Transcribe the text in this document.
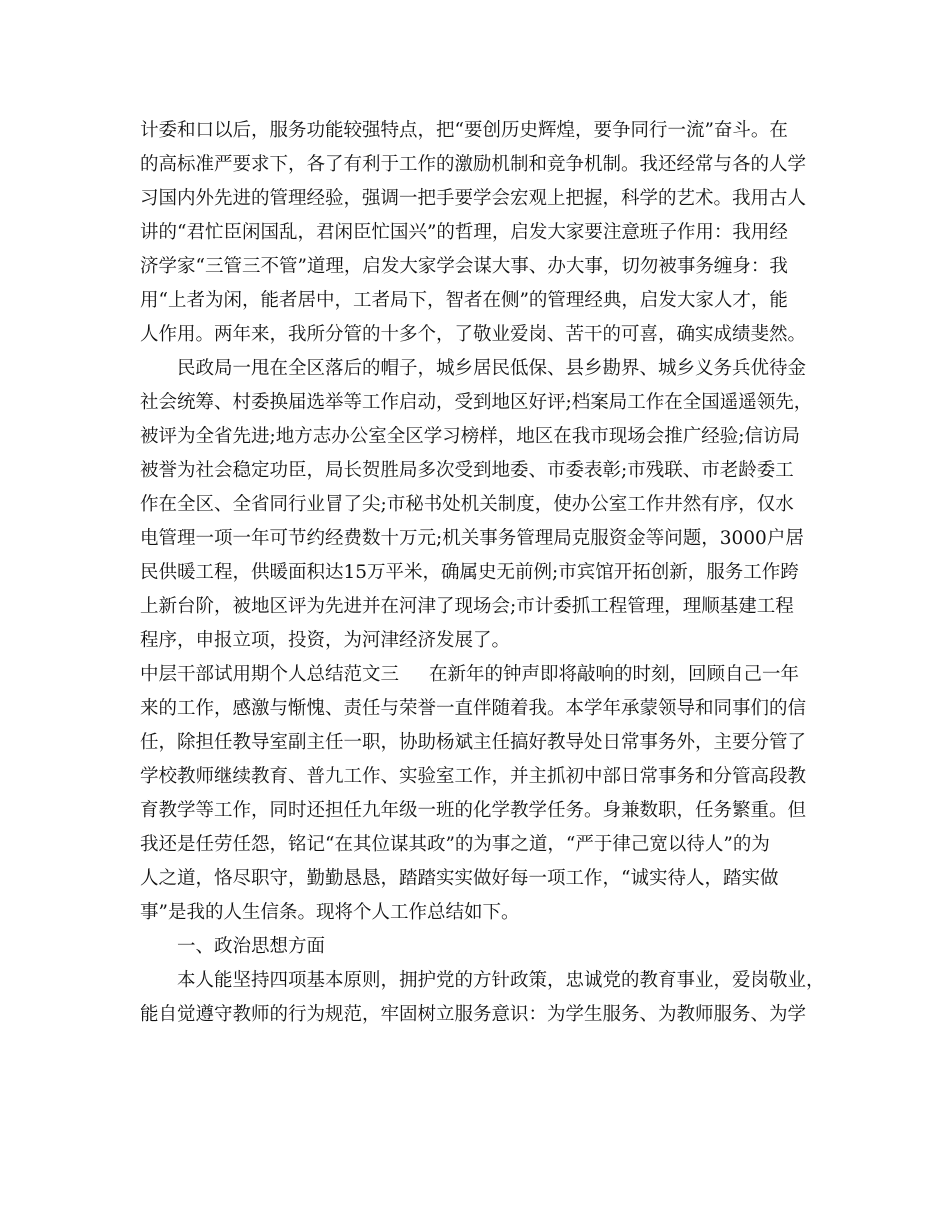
计委和口以后，服务功能较强特点，把“要创历史辉煌，要争同行一流”奋斗。在
的高标准严要求下，各了有利于工作的激励机制和竞争机制。我还经常与各的人学
习国内外先进的管理经验，强调一把手要学会宏观上把握，科学的艺术。我用古人
讲的“君忙臣闲国乱，君闲臣忙国兴”的哲理，启发大家要注意班子作用：我用经
济学家“三管三不管”道理，启发大家学会谋大事、办大事，切勿被事务缠身：我
用“上者为闲，能者居中，工者局下，智者在侧”的管理经典，启发大家人才，能
人作用。两年来，我所分管的十多个，了敬业爱岗、苦干的可喜，确实成绩斐然。
民政局一甩在全区落后的帽子，城乡居民低保、县乡勘界、城乡义务兵优待金
社会统筹、村委换届选举等工作启动，受到地区好评;档案局工作在全国遥遥领先，
被评为全省先进;地方志办公室全区学习榜样，地区在我市现场会推广经验;信访局
被誉为社会稳定功臣，局长贺胜局多次受到地委、市委表彰;市残联、市老龄委工
作在全区、全省同行业冒了尖;市秘书处机关制度，使办公室工作井然有序，仅水
电管理一项一年可节约经费数十万元;机关事务管理局克服资金等问题，3000户居
民供暖工程，供暖面积达15万平米，确属史无前例;市宾馆开拓创新，服务工作跨
上新台阶，被地区评为先进并在河津了现场会;市计委抓工程管理，理顺基建工程
程序，申报立项，投资，为河津经济发展了。
中层干部试用期个人总结范文三 在新年的钟声即将敲响的时刻，回顾自己一年
来的工作，感激与惭愧、责任与荣誉一直伴随着我。本学年承蒙领导和同事们的信
任，除担任教导室副主任一职，协助杨斌主任搞好教导处日常事务外，主要分管了
学校教师继续教育、普九工作、实验室工作，并主抓初中部日常事务和分管高段教
育教学等工作，同时还担任九年级一班的化学教学任务。身兼数职，任务繁重。但
我还是任劳任怨，铭记“在其位谋其政”的为事之道，“严于律己宽以待人”的为
人之道，恪尽职守，勤勤恳恳，踏踏实实做好每一项工作，“诚实待人，踏实做
事”是我的人生信条。现将个人工作总结如下。
一、政治思想方面
本人能坚持四项基本原则，拥护党的方针政策，忠诚党的教育事业，爱岗敬业，
能自觉遵守教师的行为规范，牢固树立服务意识：为学生服务、为教师服务、为学
